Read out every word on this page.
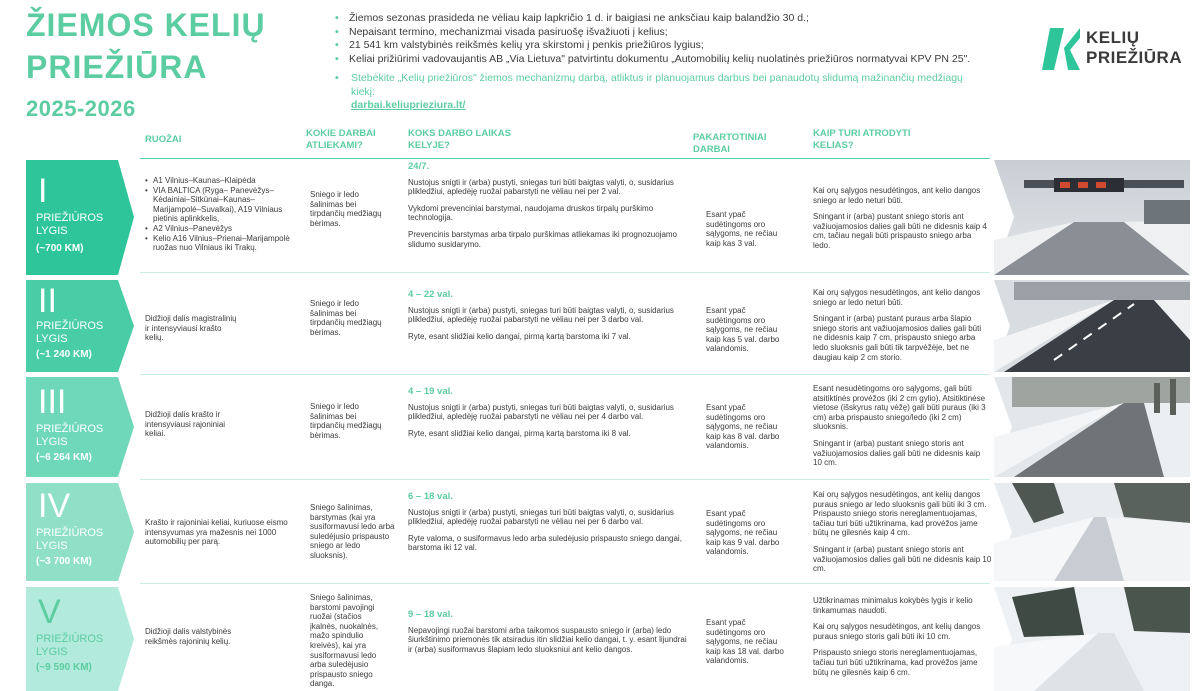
ŽIEMOS KELIŲ
PRIEŽIŪRA
2025-2026
• Žiemos sezonas prasideda ne vėliau kaip lapkričio 1 d. ir baigiasi ne anksčiau kaip balandžio 30 d.;
• Nepaisant termino, mechanizmai visada pasiruošę išvažiuoti į kelius;
• 21 541 km valstybinės reikšmės kelių yra skirstomi į penkis priežiūros lygius;
• Keliai prižiūrimi vadovaujantis AB „Via Lietuva" patvirtintu dokumentu „Automobilių kelių nuolatinės priežiūros normatyvai KPV PN 25".
• Stebėkite „Kelių priežiūros" žiemos mechanizmų darbą, atliktus ir planuojamus darbus bei panaudotų slidumą mažinančių medžiagų kiekį:
darbai.keliuprieziura.lt/
KELIŲ
PRIEŽIŪRA
RUOŽAI
KOKIE DARBAI ATLIEKAMI?
KOKS DARBO LAIKAS KELYJE?
PAKARTOTINIAI DARBAI
KAIP TURI ATRODYTI KELIAS?
I
PRIEŽIŪROS LYGIS
(~700 KM)
• A1 Vilnius–Kaunas–Klaipėda
• VIA BALTICA (Ryga– Panevėžys–Kėdainiai–Sitkūnai–Kaunas–Marijampolė–Suvalkai), A19 Vilniaus pietinis aplinkkelis,
• A2 Vilnius–Panevėžys
• Kelio A16 Vilnius–Prienai–Marijampolė ruožas nuo Vilniaus iki Trakų.
Sniego ir ledo šalinimas bei tirpdančių medžiagų bėrimas.
24/7.

Nustojus snigti ir (arba) pustyti, sniegas turi būti baigtas valyti, o, susidarius plikledžiui, apledėję ruožai pabarstyti ne vėliau nei per 2 val.

Vykdomi prevenciniai barstymai, naudojama druskos tirpalų purškimo technologija.

Prevencinis barstymas arba tirpalo purškimas atliekamas iki prognozuojamo slidumo susidarymo.

Esant ypač sudėtingoms oro sąlygoms, ne rečiau kaip kas 3 val.

Kai orų sąlygos nesudėtingos, ant kelio dangos sniego ar ledo neturi būti.

Sningant ir (arba) pustant sniego storis ant važiuojamosios dalies gali būti ne didesnis kaip 4 cm, tačiau negali būti prispausto sniego arba ledo.

II
PRIEŽIŪROS LYGIS
(~1 240 KM)
Didžioji dalis magistralinių ir intensyviausi krašto kelių.
Sniego ir ledo šalinimas bei tirpdančių medžiagų bėrimas.
4 – 22 val.

Nustojus snigti ir (arba) pustyti, sniegas turi būti baigtas valyti, o, susidarius plikledžiui, apledėję ruožai pabarstyti ne vėliau nei per 3 darbo val.

Ryte, esant slidžiai kelio dangai, pirmą kartą barstoma iki 7 val.

Esant ypač sudėtingoms oro sąlygoms, ne rečiau kaip kas 5 val. darbo valandomis.

Kai orų sąlygos nesudėtingos, ant kelio dangos sniego ar ledo neturi būti.

Sningant ir (arba) pustant puraus arba šlapio sniego storis ant važiuojamosios dalies gali būti ne didesnis kaip 7 cm, prispausto sniego arba ledo sluoksnis gali būti tik tarpvėžėje, bet ne daugiau kaip 2 cm storio.

III
PRIEŽIŪROS LYGIS
(~6 264 KM)
Didžioji dalis krašto ir intensyviausi rajoniniai keliai.
Sniego ir ledo šalinimas bei tirpdančių medžiagų bėrimas.
4 – 19 val.

Nustojus snigti ir (arba) pustyti, sniegas turi būti baigtas valyti, o, susidarius plikledžiui, apledėję ruožai pabarstyti ne vėliau nei per 4 darbo val.

Ryte, esant slidžiai kelio dangai, pirmą kartą barstoma iki 8 val.

Esant ypač sudėtingoms oro sąlygoms, ne rečiau kaip kas 8 val. darbo valandomis.

Esant nesudėtingoms oro sąlygoms, gali būti atsitiktinės provėžos (iki 2 cm gylio). Atsitiktinėse vietose (išskyrus ratų vėžę) gali būti puraus (iki 3 cm) arba prispausto sniego/ledo (iki 2 cm) sluoksnis.

Sningant ir (arba) pustant sniego storis ant važiuojamosios dalies gali būti ne didesnis kaip 10 cm.

IV
PRIEŽIŪROS LYGIS
(~3 700 KM)
Krašto ir rajoniniai keliai, kuriuose eismo intensyvumas yra mažesnis nei 1000 automobilių per parą.
Sniego šalinimas, barstymas (kai yra susiformavusi ledo arba suledėjusio prispausto sniego ar ledo sluoksnis).
6 – 18 val.

Nustojus snigti ir (arba) pustyti, sniegas turi būti baigtas valyti, o, susidarius plikledžiui, apledėję ruožai pabarstyti ne vėliau nei per 6 darbo val.

Ryte valoma, o susiformavus ledo arba suledėjusio prispausto sniego dangai, barstoma iki 12 val.

Esant ypač sudėtingoms oro sąlygoms, ne rečiau kaip kas 9 val. darbo valandomis.

Kai orų sąlygos nesudėtingos, ant kelių dangos puraus sniego ar ledo sluoksnis gali būti iki 3 cm. Prispausto sniego storis nereglamentuojamas, tačiau turi būti užtikrinama, kad provėžos jame būtų ne gilesnės kaip 4 cm.

Sningant ir (arba) pustant sniego storis ant važiuojamosios dalies gali būti ne didesnis kaip 10 cm.

V
PRIEŽIŪROS LYGIS
(~9 590 KM)
Didžioji dalis valstybinės reikšmės rajoninių kelių.
Sniego šalinimas, barstomi pavojingi ruožai (stačios įkalnės, nuokalnės, mažo spindulio kreivės), kai yra susiformavusi ledo arba suledėjusio prispausto sniego danga.
9 – 18 val.

Nepavojingi ruožai barstomi arba taikomos suspausto sniego ir (arba) ledo šiurkštinimo priemonės tik atsiradus itin slidžiai kelio dangai, t. y. esant lijundrai ir (arba) susiformavus šlapiam ledo sluoksniui ant kelio dangos.

Esant ypač sudėtingoms oro sąlygoms, ne rečiau kaip kas 18 val. darbo valandomis.

Užtikrinamas minimalus kokybės lygis ir kelio tinkamumas naudoti.

Kai orų sąlygos nesudėtingos, ant kelių dangos puraus sniego storis gali būti iki 10 cm.

Prispausto sniego storis nereglamentuojamas, tačiau turi būti užtikrinama, kad provėžos jame būtų ne gilesnės kaip 6 cm.
